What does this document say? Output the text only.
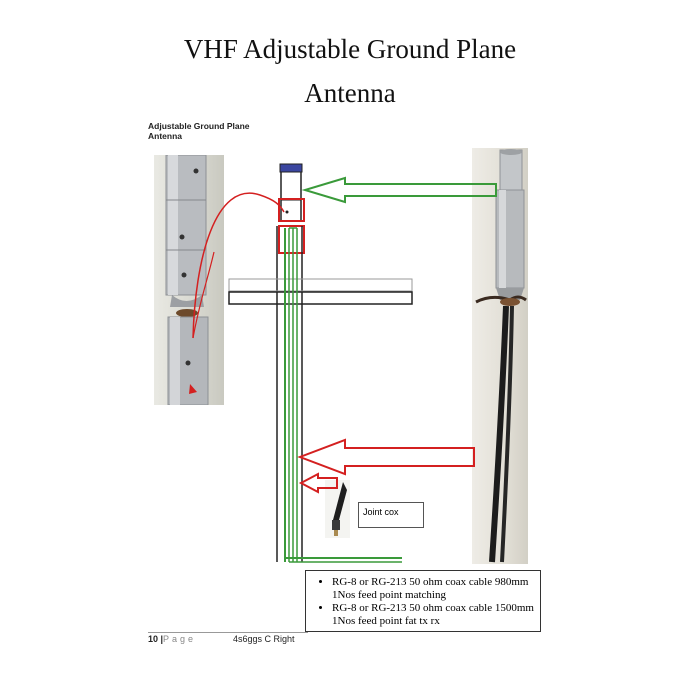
VHF Adjustable Ground Plane
Antenna
Adjustable Ground Plane
Antenna
Joint cox
• RG-8 or RG-213 50 ohm coax cable 980mm 1Nos feed point matching
• RG-8 or RG-213 50 ohm coax cable 1500mm 1Nos feed point fat tx rx
10 | Page	4s6ggs C Right
